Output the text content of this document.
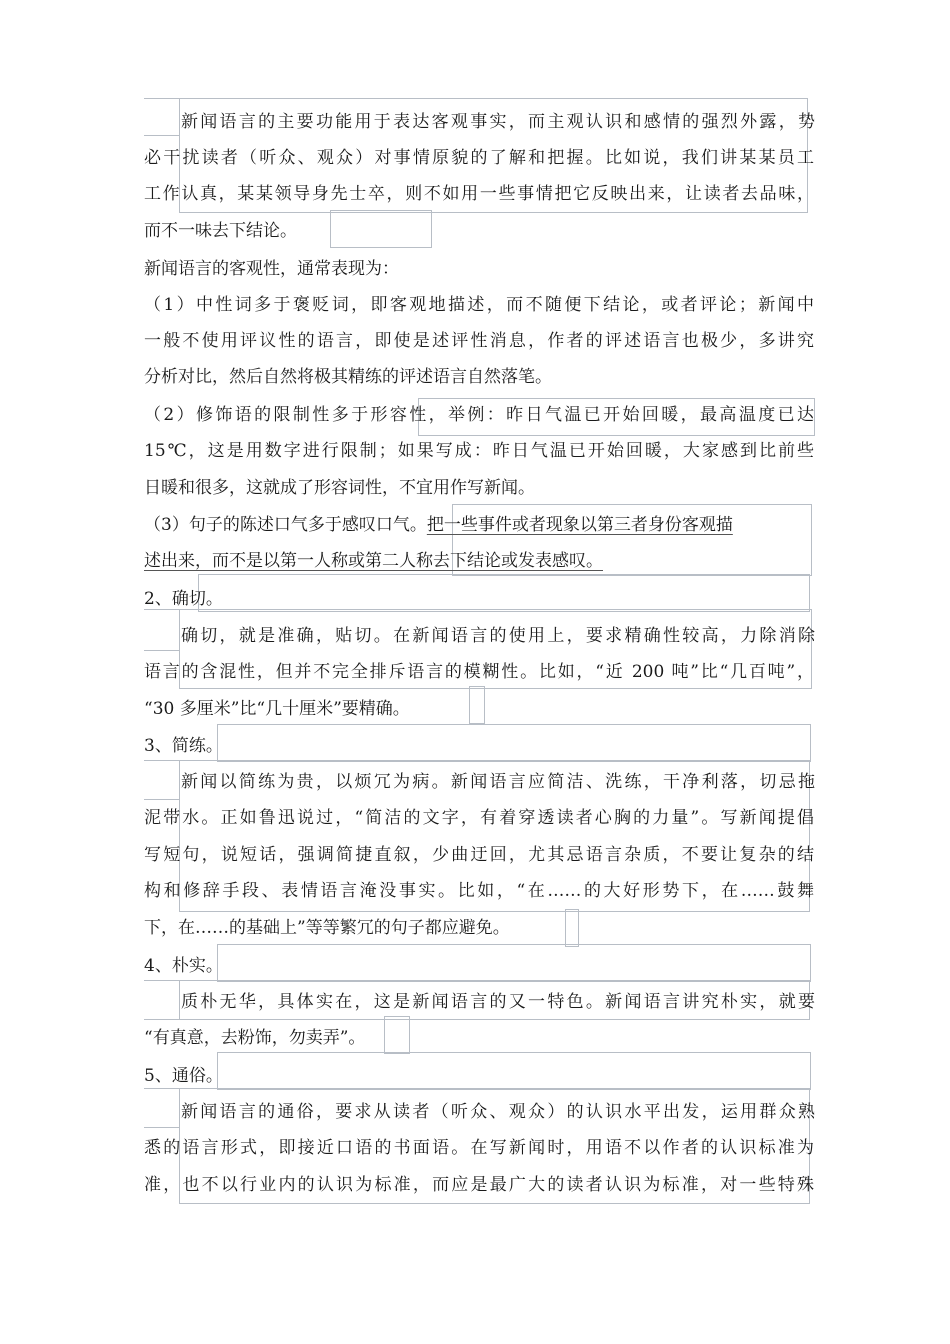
新闻语言的主要功能用于表达客观事实，而主观认识和感情的强烈外露，势
必干扰读者（听众、观众）对事情原貌的了解和把握。比如说，我们讲某某员工
工作认真，某某领导身先士卒，则不如用一些事情把它反映出来，让读者去品味，
而不一味去下结论。
新闻语言的客观性，通常表现为：
（1）中性词多于褒贬词，即客观地描述，而不随便下结论，或者评论；新闻中
一般不使用评议性的语言，即使是述评性消息，作者的评述语言也极少，多讲究
分析对比，然后自然将极其精练的评述语言自然落笔。
（2）修饰语的限制性多于形容性，举例：昨日气温已开始回暖，最高温度已达
15℃，这是用数字进行限制；如果写成：昨日气温已开始回暖，大家感到比前些
日暖和很多，这就成了形容词性，不宜用作写新闻。
（3）句子的陈述口气多于感叹口气。把一些事件或者现象以第三者身份客观描
述出来，而不是以第一人称或第二人称去下结论或发表感叹。
2、确切。
确切，就是准确，贴切。在新闻语言的使用上，要求精确性较高，力除消除
语言的含混性，但并不完全排斥语言的模糊性。比如，“近 200 吨”比“几百吨”，
“30 多厘米”比“几十厘米”要精确。
3、简练。
新闻以简练为贵，以烦冗为病。新闻语言应简洁、洗练，干净利落，切忌拖
泥带水。正如鲁迅说过，“简洁的文字，有着穿透读者心胸的力量”。写新闻提倡
写短句，说短话，强调简捷直叙，少曲迂回，尤其忌语言杂质，不要让复杂的结
构和修辞手段、表情语言淹没事实。比如，“在……的大好形势下，在……鼓舞
下，在……的基础上”等等繁冗的句子都应避免。
4、朴实。
质朴无华，具体实在，这是新闻语言的又一特色。新闻语言讲究朴实，就要
“有真意，去粉饰，勿卖弄”。
5、通俗。
新闻语言的通俗，要求从读者（听众、观众）的认识水平出发，运用群众熟
悉的语言形式，即接近口语的书面语。在写新闻时，用语不以作者的认识标准为
准，也不以行业内的认识为标准，而应是最广大的读者认识为标准，对一些特殊
